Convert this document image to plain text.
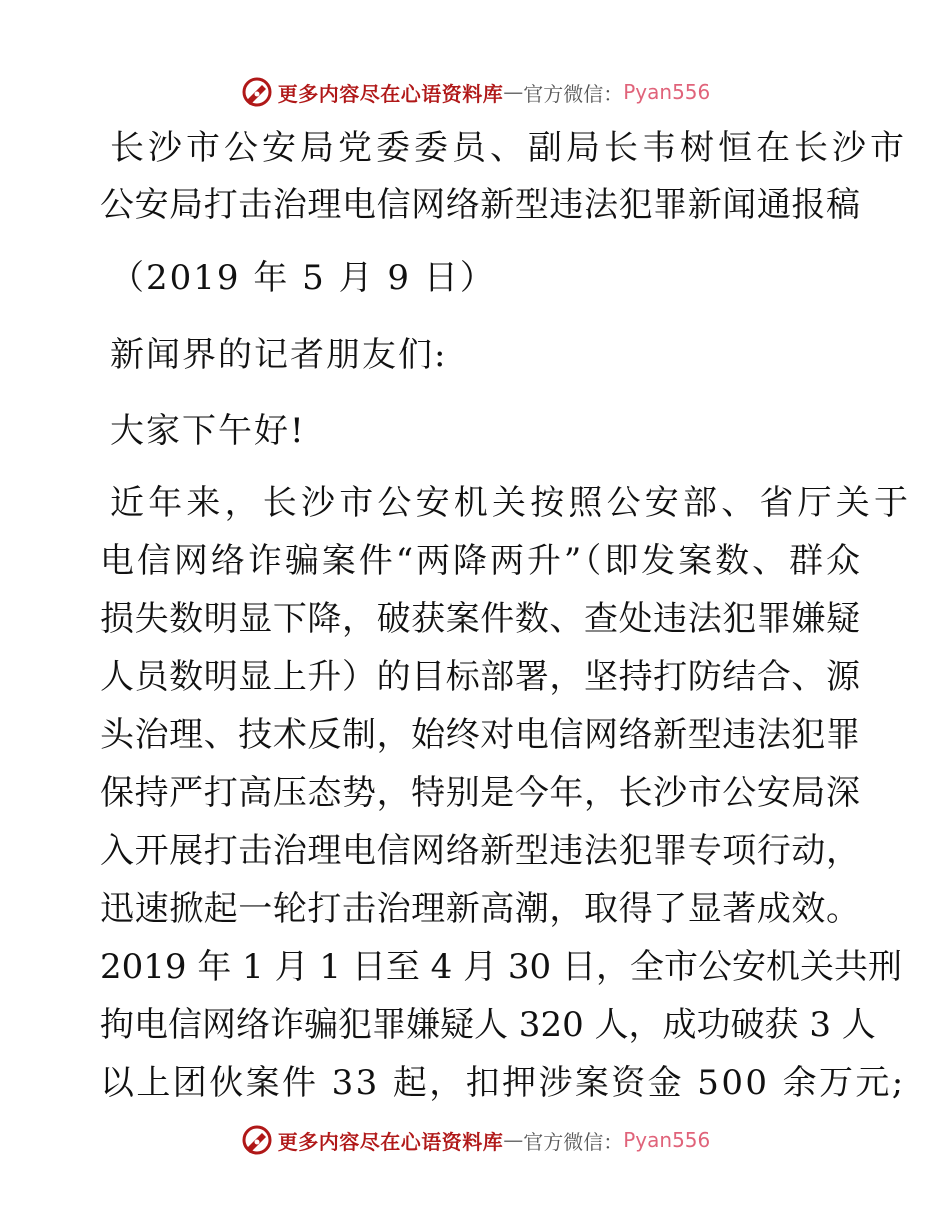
更多内容尽在心语资料库 — 官方微信： Pyan556
长沙市公安局党委委员、副局长韦树恒在长沙市
公安局打击治理电信网络新型违法犯罪新闻通报稿
（2019 年 5 月 9 日）
新闻界的记者朋友们:
大家下午好!
近年来，长沙市公安机关按照公安部、省厅关于
电信网络诈骗案件“两降两升”（即发案数、群众
损失数明显下降，破获案件数、查处违法犯罪嫌疑
人员数明显上升）的目标部署，坚持打防结合、源
头治理、技术反制，始终对电信网络新型违法犯罪
保持严打高压态势，特别是今年，长沙市公安局深
入开展打击治理电信网络新型违法犯罪专项行动，
迅速掀起一轮打击治理新高潮，取得了显著成效。
2019 年 1 月 1 日至 4 月 30 日，全市公安机关共刑
拘电信网络诈骗犯罪嫌疑人 320 人，成功破获 3 人
以上团伙案件 33 起，扣押涉案资金 500 余万元;
更多内容尽在心语资料库 — 官方微信： Pyan556
